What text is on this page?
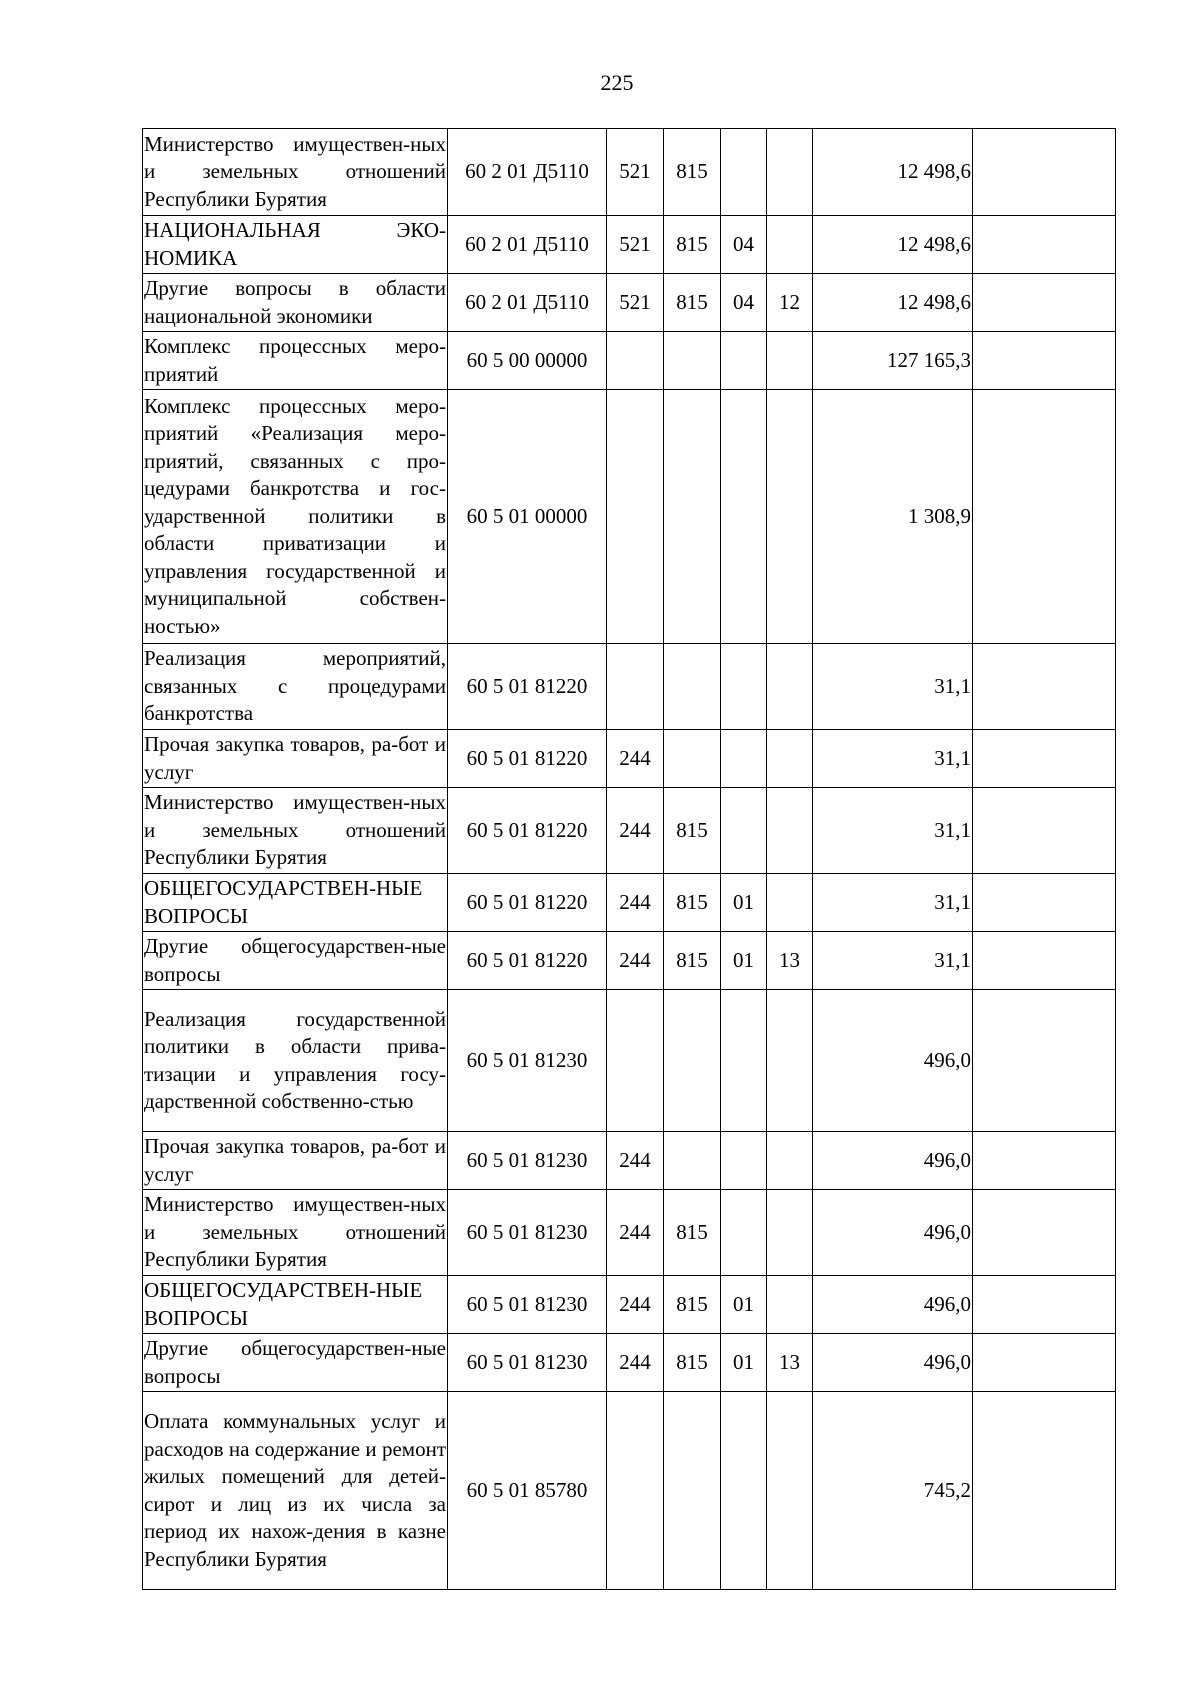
225
Министерство имуществен-ных и земельных отношений Республики Бурятия	60 2 01 Д5110	521	815			12 498,6	
НАЦИОНАЛЬНАЯ ЭКО-НОМИКА	60 2 01 Д5110	521	815	04		12 498,6	
Другие вопросы в области национальной экономики	60 2 01 Д5110	521	815	04	12	12 498,6	
Комплекс процессных меро-приятий	60 5 00 00000					127 165,3	
Комплекс процессных меро-приятий «Реализация меро-приятий, связанных с про-цедурами банкротства и гос-ударственной политики в области приватизации и управления государственной и муниципальной собствен-ностью»	60 5 01 00000					1 308,9	
Реализация мероприятий, связанных с процедурами банкротства	60 5 01 81220					31,1	
Прочая закупка товаров, ра-бот и услуг	60 5 01 81220	244				31,1	
Министерство имуществен-ных и земельных отношений Республики Бурятия	60 5 01 81220	244	815			31,1	
ОБЩЕГОСУДАРСТВЕН-НЫЕ ВОПРОСЫ	60 5 01 81220	244	815	01		31,1	
Другие общегосударствен-ные вопросы	60 5 01 81220	244	815	01	13	31,1	
Реализация государственной политики в области прива-тизации и управления госу-дарственной собственно-стью	60 5 01 81230					496,0	
Прочая закупка товаров, ра-бот и услуг	60 5 01 81230	244				496,0	
Министерство имуществен-ных и земельных отношений Республики Бурятия	60 5 01 81230	244	815			496,0	
ОБЩЕГОСУДАРСТВЕН-НЫЕ ВОПРОСЫ	60 5 01 81230	244	815	01		496,0	
Другие общегосударствен-ные вопросы	60 5 01 81230	244	815	01	13	496,0	
Оплата коммунальных услуг и расходов на содержание и ремонт жилых помещений для детей-сирот и лиц из их числа за период их нахож-дения в казне Республики Бурятия	60 5 01 85780					745,2	
